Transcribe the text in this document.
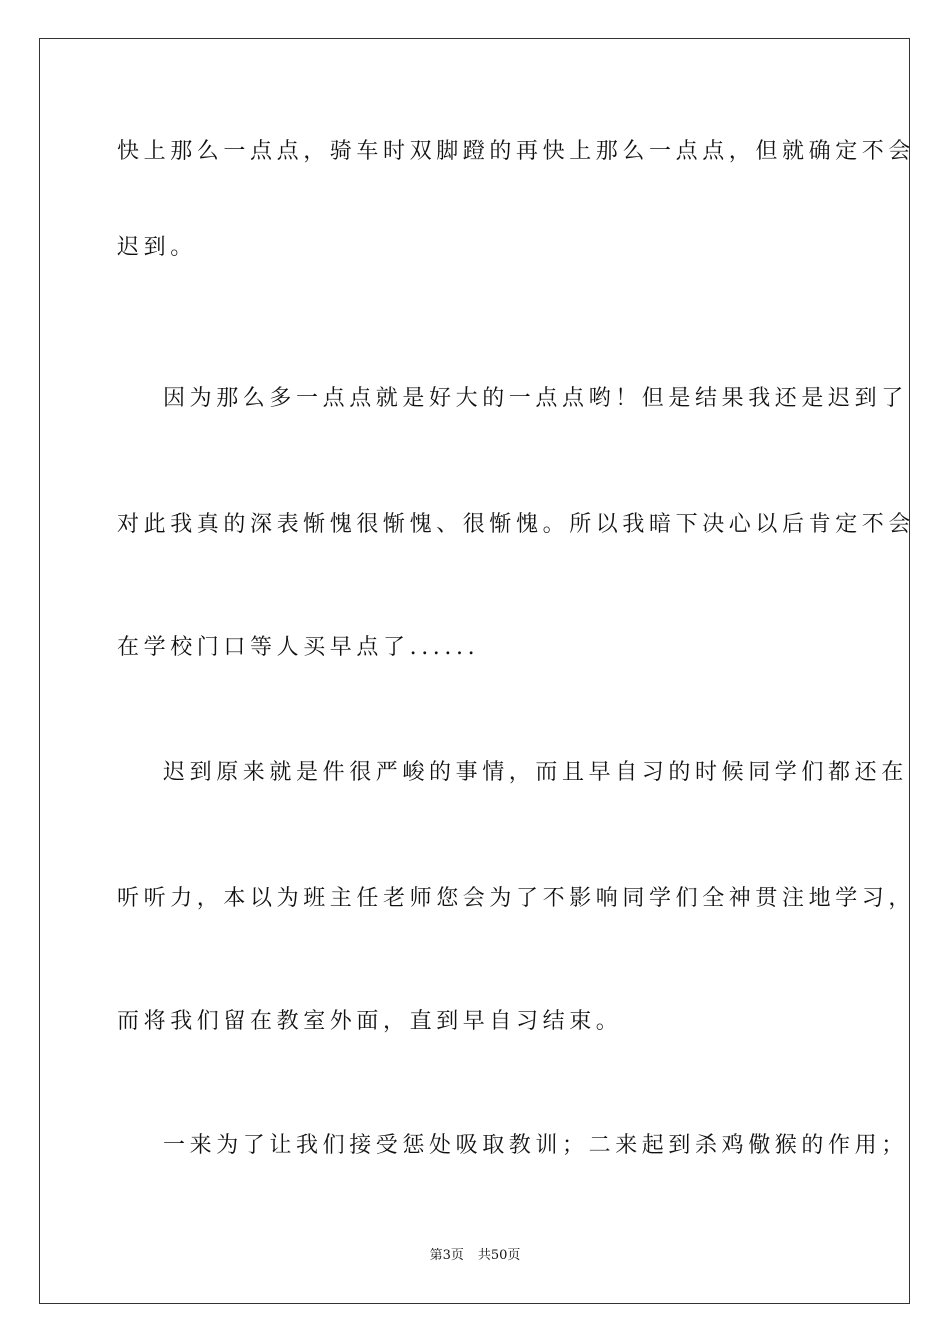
快上那么一点点，骑车时双脚蹬的再快上那么一点点，但就确定不会
迟到。
因为那么多一点点就是好大的一点点哟！但是结果我还是迟到了
对此我真的深表惭愧很惭愧、很惭愧。所以我暗下决心以后肯定不会
在学校门口等人买早点了......
迟到原来就是件很严峻的事情，而且早自习的时候同学们都还在
听听力，本以为班主任老师您会为了不影响同学们全神贯注地学习，
而将我们留在教室外面，直到早自习结束。
一来为了让我们接受惩处吸取教训；二来起到杀鸡儆猴的作用；
第3页 共50页
